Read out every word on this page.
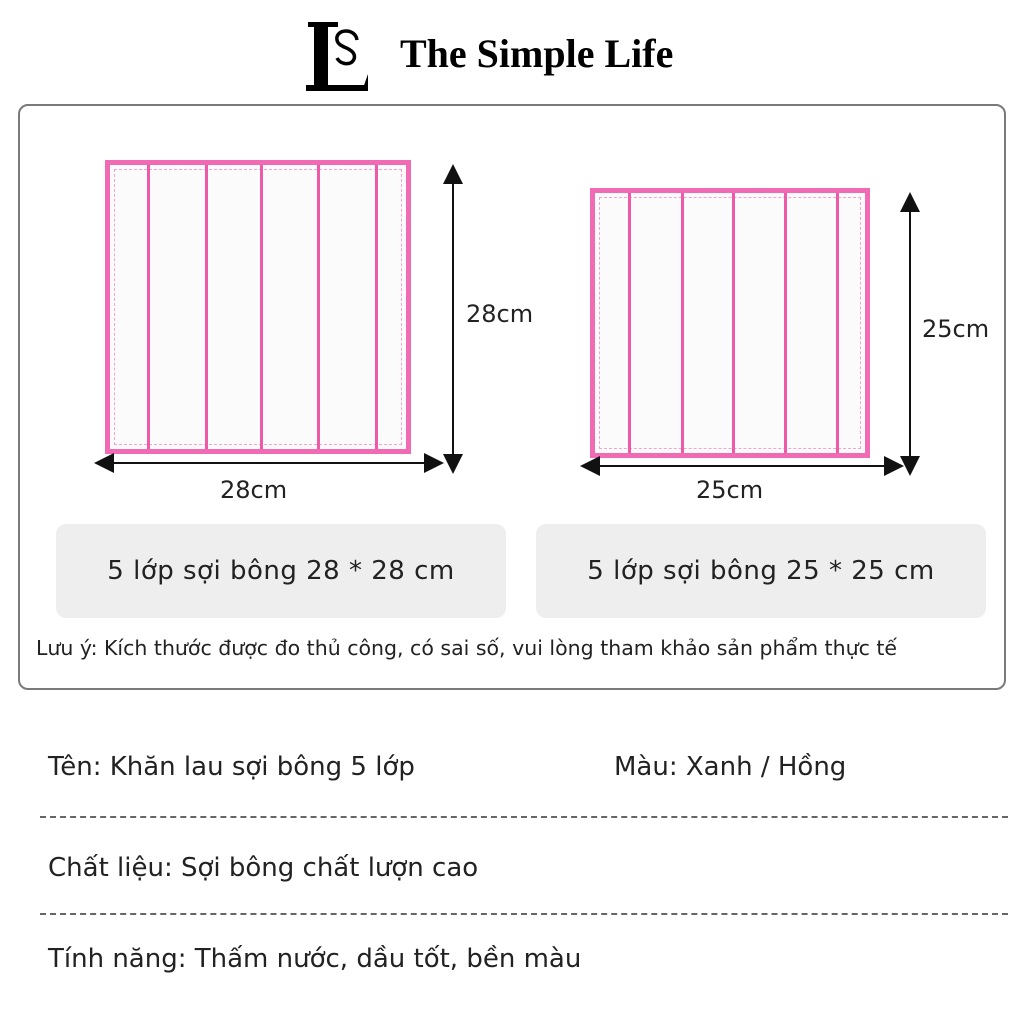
The Simple Life
28cm
28cm
25cm
25cm
5 lớp sợi bông 28 * 28 cm	5 lớp sợi bông 25 * 25 cm
Lưu ý: Kích thước được đo thủ công, có sai số, vui lòng tham khảo sản phẩm thực tế
Tên: Khăn lau sợi bông 5 lớp	Màu: Xanh / Hồng
Chất liệu: Sợi bông chất lượn cao
Tính năng: Thấm nước, dầu tốt, bền màu
